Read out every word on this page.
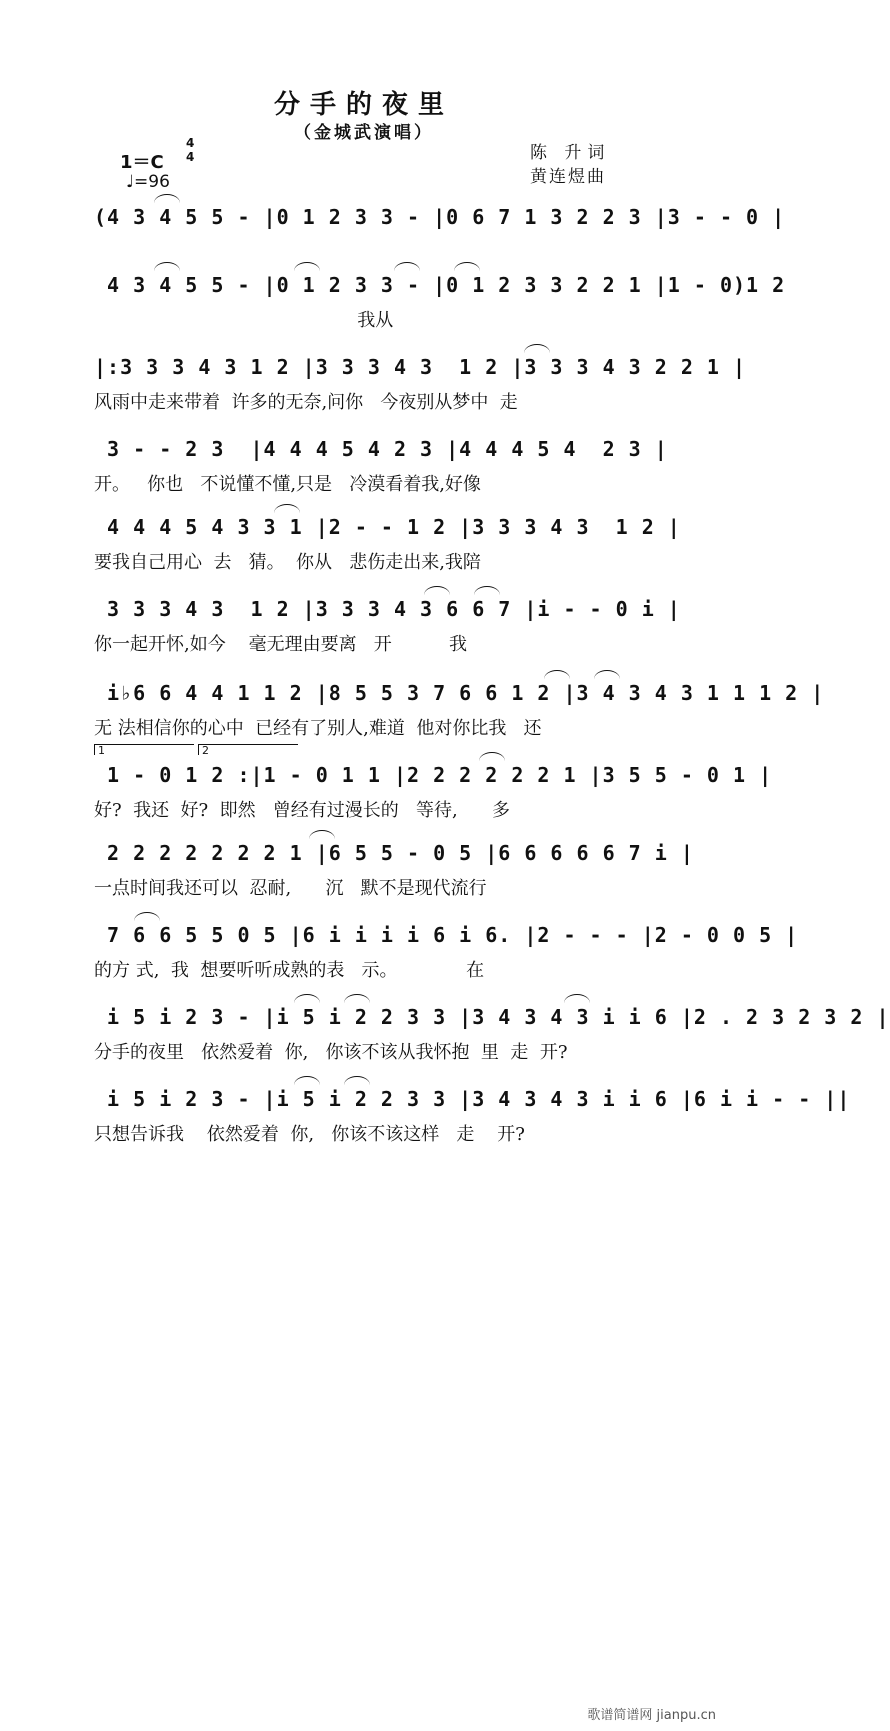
分手的夜里
（金城武演唱）
1＝C
4
4
♩=96
陈 升词
黄连煜曲
(4 3 4 5 5 - |0 1 2 3 3 - |0 6 7 1 3 2 2 3 |3 - - 0 |
4 3 4 5 5 - |0 1 2 3 3 - |0 1 2 3 3 2 2 1 |1 - 0)1 2
我从
|:3 3 3 4 3 1 2 |3 3 3 4 3  1 2 |3 3 3 4 3 2 2 1 |
风雨中走来带着  许多的无奈,问你   今夜别从梦中  走
3 - - 2 3  |4 4 4 5 4 2 3 |4 4 4 5 4  2 3 |
开。   你也   不说懂不懂,只是   冷漠看着我,好像
4 4 4 5 4 3 3 1 |2 - - 1 2 |3 3 3 4 3  1 2 |
要我自己用心  去   猜。  你从   悲伤走出来,我陪
3 3 3 4 3  1 2 |3 3 3 4 3 6 6 7 |i - - 0 i |
你一起开怀,如今    毫无理由要离   开          我
i♭6 6 4 4 1 1 2 |8 5 5 3 7 6 6 1 2 |3 4 3 4 3 1 1 1 2 |
无 法相信你的心中  已经有了别人,难道  他对你比我   还
1 - 0 1 2 :|1 - 0 1 1 |2 2 2 2 2 2 1 |3 5 5 - 0 1 |
好?  我还  好?  即然   曾经有过漫长的   等待,      多
1	2
2 2 2 2 2 2 2 1 |6 5 5 - 0 5 |6 6 6 6 6 7 i |
一点时间我还可以  忍耐,      沉   默不是现代流行
7 6 6 5 5 0 5 |6 i i i i 6 i 6. |2 - - - |2 - 0 0 5 |
的方 式,  我  想要听听成熟的表   示。            在
i 5 i 2 3 - |i 5 i 2 2 3 3 |3 4 3 4 3 i i 6 |2 . 2 3 2 3 2 |
分手的夜里   依然爱着  你,   你该不该从我怀抱  里  走  开?
i 5 i 2 3 - |i 5 i 2 2 3 3 |3 4 3 4 3 i i 6 |6 i i - - ||
只想告诉我    依然爱着  你,   你该不该这样   走    开?
歌谱简谱网 jianpu.cn
